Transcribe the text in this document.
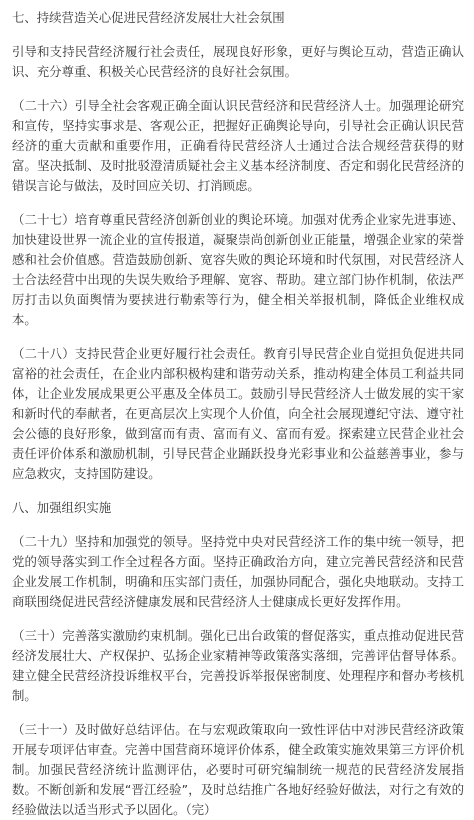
七、持续营造关心促进民营经济发展壮大社会氛围
引导和支持民营经济履行社会责任，展现良好形象，更好与舆论互动，营造正确认识、充分尊重、积极关心民营经济的良好社会氛围。
（二十六）引导全社会客观正确全面认识民营经济和民营经济人士。加强理论研究和宣传，坚持实事求是、客观公正，把握好正确舆论导向，引导社会正确认识民营经济的重大贡献和重要作用，正确看待民营经济人士通过合法合规经营获得的财富。坚决抵制、及时批驳澄清质疑社会主义基本经济制度、否定和弱化民营经济的错误言论与做法，及时回应关切、打消顾虑。
（二十七）培育尊重民营经济创新创业的舆论环境。加强对优秀企业家先进事迹、加快建设世界一流企业的宣传报道，凝聚崇尚创新创业正能量，增强企业家的荣誉感和社会价值感。营造鼓励创新、宽容失败的舆论环境和时代氛围，对民营经济人士合法经营中出现的失误失败给予理解、宽容、帮助。建立部门协作机制，依法严厉打击以负面舆情为要挟进行勒索等行为，健全相关举报机制，降低企业维权成本。
（二十八）支持民营企业更好履行社会责任。教育引导民营企业自觉担负促进共同富裕的社会责任，在企业内部积极构建和谐劳动关系，推动构建全体员工利益共同体，让企业发展成果更公平惠及全体员工。鼓励引导民营经济人士做发展的实干家和新时代的奉献者，在更高层次上实现个人价值，向全社会展现遵纪守法、遵守社会公德的良好形象，做到富而有责、富而有义、富而有爱。探索建立民营企业社会责任评价体系和激励机制，引导民营企业踊跃投身光彩事业和公益慈善事业，参与应急救灾，支持国防建设。
八、加强组织实施
（二十九）坚持和加强党的领导。坚持党中央对民营经济工作的集中统一领导，把党的领导落实到工作全过程各方面。坚持正确政治方向，建立完善民营经济和民营企业发展工作机制，明确和压实部门责任，加强协同配合，强化央地联动。支持工商联围绕促进民营经济健康发展和民营经济人士健康成长更好发挥作用。
（三十）完善落实激励约束机制。强化已出台政策的督促落实，重点推动促进民营经济发展壮大、产权保护、弘扬企业家精神等政策落实落细，完善评估督导体系。建立健全民营经济投诉维权平台，完善投诉举报保密制度、处理程序和督办考核机制。
（三十一）及时做好总结评估。在与宏观政策取向一致性评估中对涉民营经济政策开展专项评估审查。完善中国营商环境评价体系，健全政策实施效果第三方评价机制。加强民营经济统计监测评估，必要时可研究编制统一规范的民营经济发展指数。不断创新和发展“晋江经验”，及时总结推广各地好经验好做法，对行之有效的经验做法以适当形式予以固化。（完）
